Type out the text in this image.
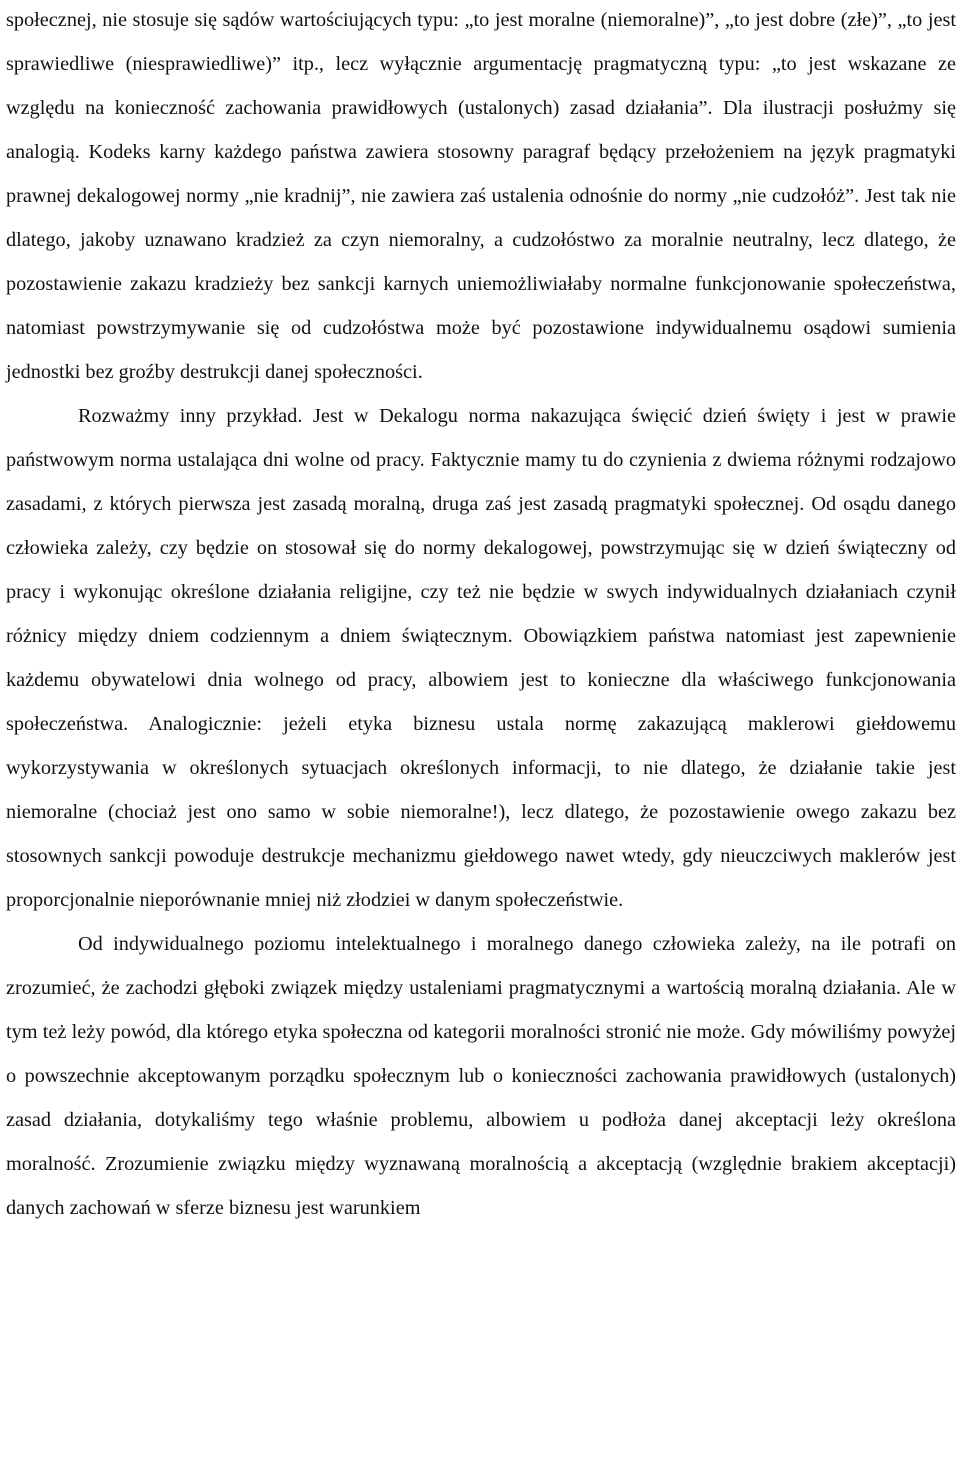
społecznej, nie stosuje się sądów wartościujących typu: „to jest moralne (niemoralne)”, „to jest dobre (złe)”, „to jest sprawiedliwe (niesprawiedliwe)” itp., lecz wyłącznie argumentację pragmatyczną typu: „to jest wskazane ze względu na konieczność zachowania prawidłowych (ustalonych) zasad działania”. Dla ilustracji posłużmy się analogią. Kodeks karny każdego państwa zawiera stosowny paragraf będący przełożeniem na język pragmatyki prawnej dekalogowej normy „nie kradnij”, nie zawiera zaś ustalenia odnośnie do normy „nie cudzołóż”. Jest tak nie dlatego, jakoby uznawano kradzież za czyn niemoralny, a cudzołóstwo za moralnie neutralny, lecz dlatego, że pozostawienie zakazu kradzieży bez sankcji karnych uniemożliwiałaby normalne funkcjonowanie społeczeństwa, natomiast powstrzymywanie się od cudzołóstwa może być pozostawione indywidualnemu osądowi sumienia jednostki bez groźby destrukcji danej społeczności.

Rozważmy inny przykład. Jest w Dekalogu norma nakazująca święcić dzień święty i jest w prawie państwowym norma ustalająca dni wolne od pracy. Faktycznie mamy tu do czynienia z dwiema różnymi rodzajowo zasadami, z których pierwsza jest zasadą moralną, druga zaś jest zasadą pragmatyki społecznej. Od osądu danego człowieka zależy, czy będzie on stosował się do normy dekalogowej, powstrzymując się w dzień świąteczny od pracy i wykonując określone działania religijne, czy też nie będzie w swych indywidualnych działaniach czynił różnicy między dniem codziennym a dniem świątecznym. Obowiązkiem państwa natomiast jest zapewnienie każdemu obywatelowi dnia wolnego od pracy, albowiem jest to konieczne dla właściwego funkcjonowania społeczeństwa. Analogicznie: jeżeli etyka biznesu ustala normę zakazującą maklerowi giełdowemu wykorzystywania w określonych sytuacjach określonych informacji, to nie dlatego, że działanie takie jest niemoralne (chociaż jest ono samo w sobie niemoralne!), lecz dlatego, że pozostawienie owego zakazu bez stosownych sankcji powoduje destrukcje mechanizmu giełdowego nawet wtedy, gdy nieuczciwych maklerów jest proporcjonalnie nieporównanie mniej niż złodziei w danym społeczeństwie.

Od indywidualnego poziomu intelektualnego i moralnego danego człowieka zależy, na ile potrafi on zrozumieć, że zachodzi głęboki związek między ustaleniami pragmatycznymi a wartością moralną działania. Ale w tym też leży powód, dla którego etyka społeczna od kategorii moralności stronić nie może. Gdy mówiliśmy powyżej o powszechnie akceptowanym porządku społecznym lub o konieczności zachowania prawidłowych (ustalonych) zasad działania, dotykaliśmy tego właśnie problemu, albowiem u podłoża danej akceptacji leży określona moralność. Zrozumienie związku między wyznawaną moralnością a akceptacją (względnie brakiem akceptacji) danych zachowań w sferze biznesu jest warunkiem
